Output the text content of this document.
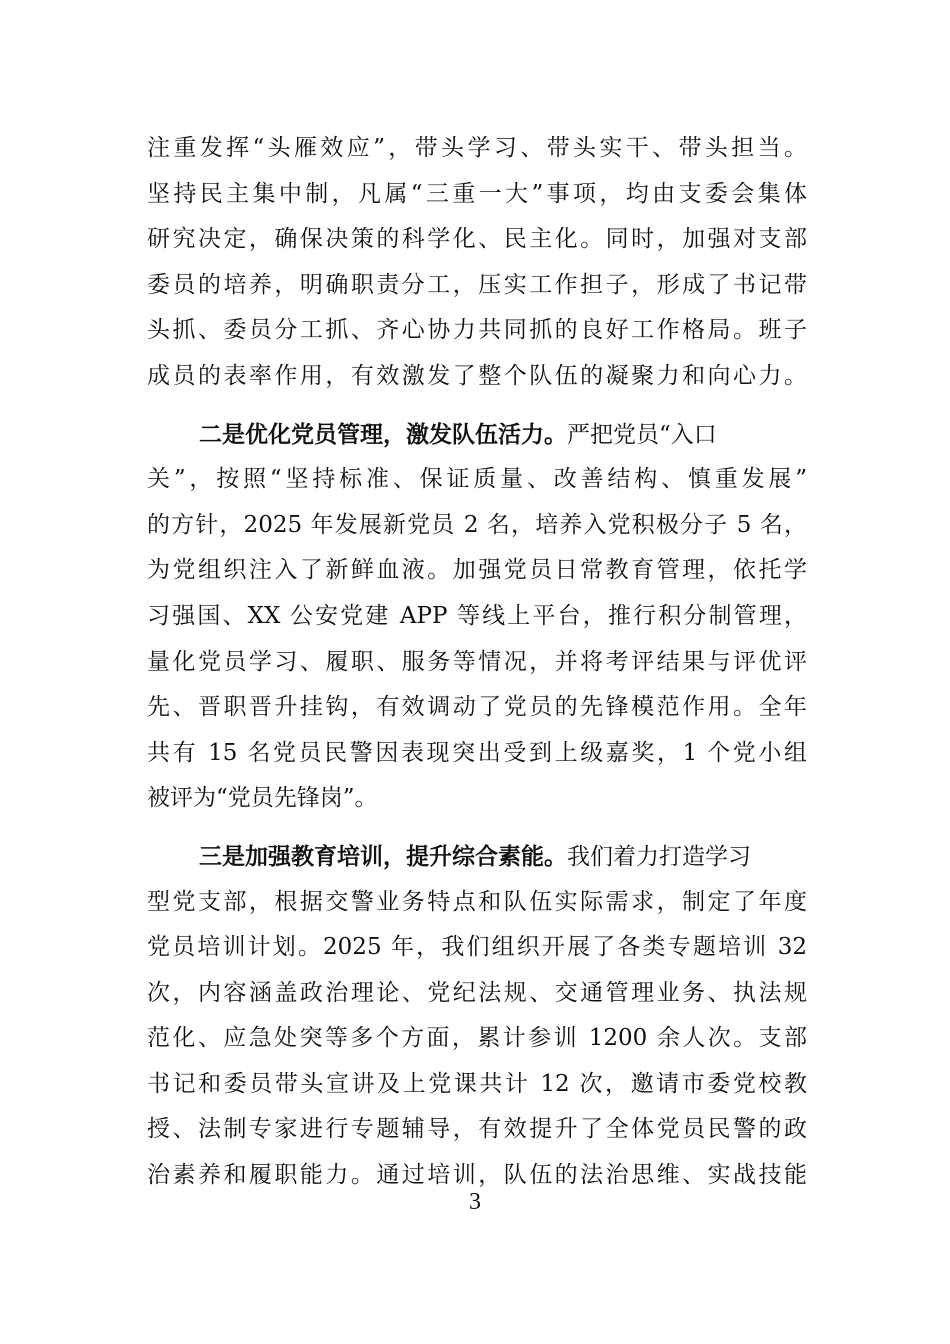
注重发挥“头雁效应”，带头学习、带头实干、带头担当。
坚持民主集中制，凡属“三重一大”事项，均由支委会集体
研究决定，确保决策的科学化、民主化。同时，加强对支部
委员的培养，明确职责分工，压实工作担子，形成了书记带
头抓、委员分工抓、齐心协力共同抓的良好工作格局。班子
成员的表率作用，有效激发了整个队伍的凝聚力和向心力。
二是优化党员管理，激发队伍活力。严把党员“入口
关”，按照“坚持标准、保证质量、改善结构、慎重发展”
的方针，2025 年发展新党员 2 名，培养入党积极分子 5 名，
为党组织注入了新鲜血液。加强党员日常教育管理，依托学
习强国、XX 公安党建 APP 等线上平台，推行积分制管理，
量化党员学习、履职、服务等情况，并将考评结果与评优评
先、晋职晋升挂钩，有效调动了党员的先锋模范作用。全年
共有 15 名党员民警因表现突出受到上级嘉奖，1 个党小组
被评为“党员先锋岗”。
三是加强教育培训，提升综合素能。我们着力打造学习
型党支部，根据交警业务特点和队伍实际需求，制定了年度
党员培训计划。2025 年，我们组织开展了各类专题培训 32
次，内容涵盖政治理论、党纪法规、交通管理业务、执法规
范化、应急处突等多个方面，累计参训 1200 余人次。支部
书记和委员带头宣讲及上党课共计 12 次，邀请市委党校教
授、法制专家进行专题辅导，有效提升了全体党员民警的政
治素养和履职能力。通过培训，队伍的法治思维、实战技能
3
